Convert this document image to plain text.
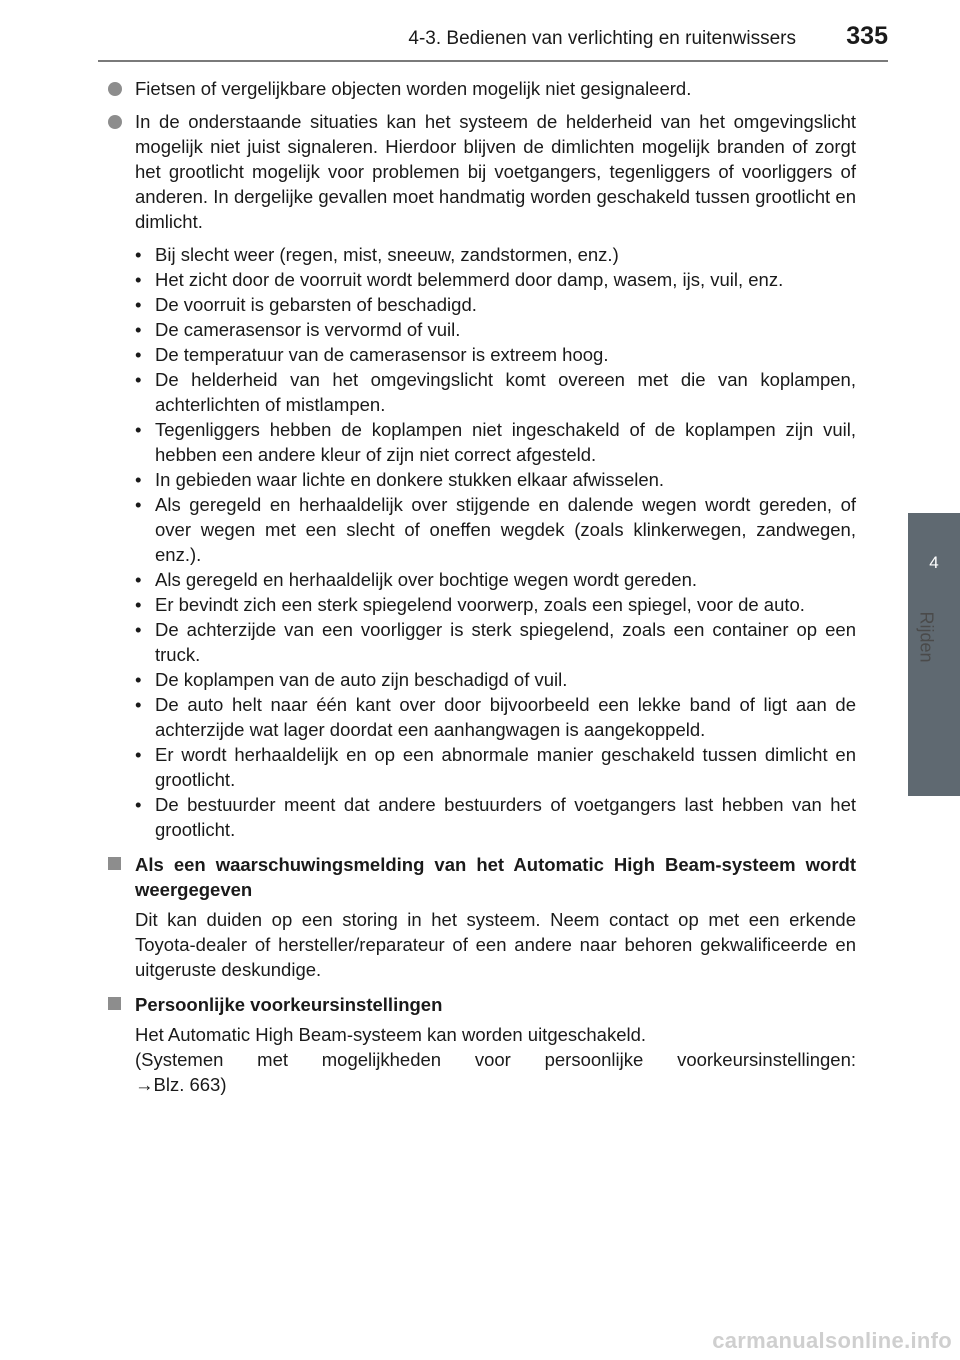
4-3. Bedienen van verlichting en ruitenwissers 335
4
Rijden
Fietsen of vergelijkbare objecten worden mogelijk niet gesignaleerd.
In de onderstaande situaties kan het systeem de helderheid van het omgevingslicht mogelijk niet juist signaleren. Hierdoor blijven de dimlichten mogelijk branden of zorgt het grootlicht mogelijk voor problemen bij voetgangers, tegenliggers of voorliggers of anderen. In dergelijke gevallen moet handmatig worden geschakeld tussen grootlicht en dimlicht.
• Bij slecht weer (regen, mist, sneeuw, zandstormen, enz.)
• Het zicht door de voorruit wordt belemmerd door damp, wasem, ijs, vuil, enz.
• De voorruit is gebarsten of beschadigd.
• De camerasensor is vervormd of vuil.
• De temperatuur van de camerasensor is extreem hoog.
• De helderheid van het omgevingslicht komt overeen met die van koplampen, achterlichten of mistlampen.
• Tegenliggers hebben de koplampen niet ingeschakeld of de koplampen zijn vuil, hebben een andere kleur of zijn niet correct afgesteld.
• In gebieden waar lichte en donkere stukken elkaar afwisselen.
• Als geregeld en herhaaldelijk over stijgende en dalende wegen wordt gereden, of over wegen met een slecht of oneffen wegdek (zoals klinkerwegen, zandwegen, enz.).
• Als geregeld en herhaaldelijk over bochtige wegen wordt gereden.
• Er bevindt zich een sterk spiegelend voorwerp, zoals een spiegel, voor de auto.
• De achterzijde van een voorligger is sterk spiegelend, zoals een container op een truck.
• De koplampen van de auto zijn beschadigd of vuil.
• De auto helt naar één kant over door bijvoorbeeld een lekke band of ligt aan de achterzijde wat lager doordat een aanhangwagen is aangekoppeld.
• Er wordt herhaaldelijk en op een abnormale manier geschakeld tussen dimlicht en grootlicht.
• De bestuurder meent dat andere bestuurders of voetgangers last hebben van het grootlicht.
Als een waarschuwingsmelding van het Automatic High Beam-systeem wordt weergegeven
Dit kan duiden op een storing in het systeem. Neem contact op met een erkende Toyota-dealer of hersteller/reparateur of een andere naar behoren gekwalificeerde en uitgeruste deskundige.
Persoonlijke voorkeursinstellingen
Het Automatic High Beam-systeem kan worden uitgeschakeld.
(Systemen met mogelijkheden voor persoonlijke voorkeursinstellingen:
→Blz. 663)
carmanualsonline.info
